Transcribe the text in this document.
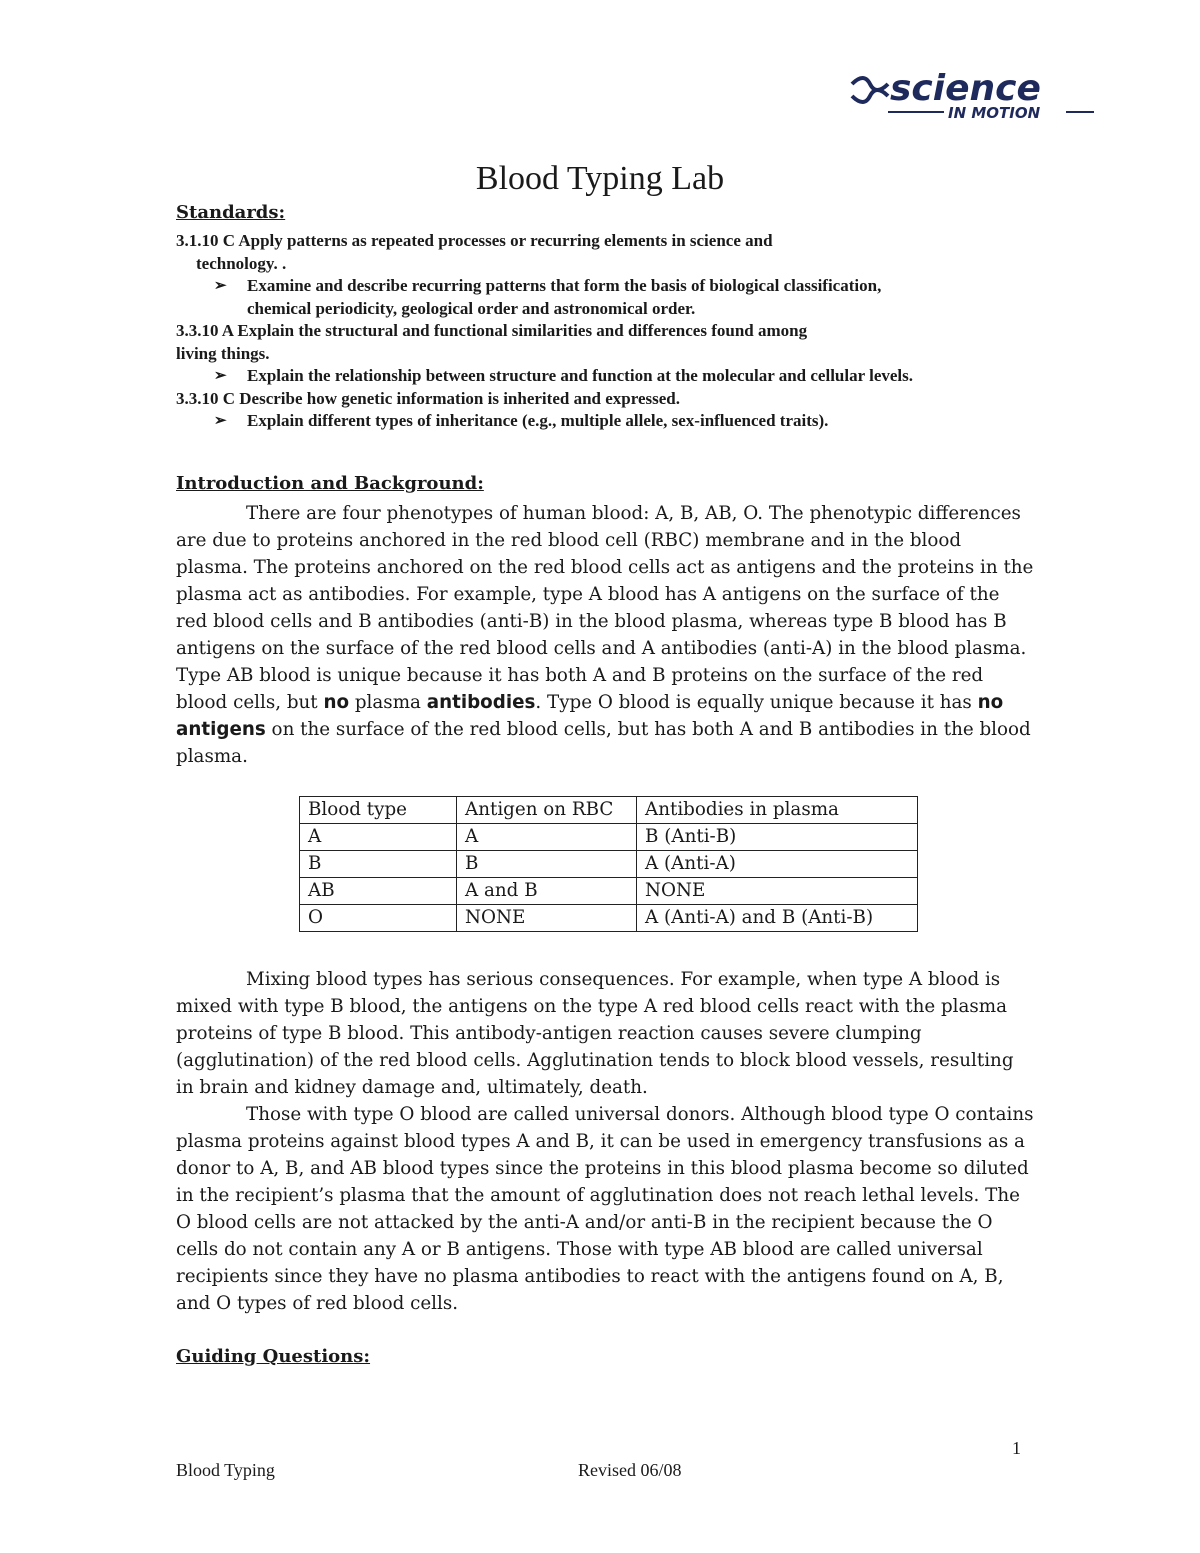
science
IN MOTION
Blood Typing Lab
Standards:
3.1.10 C Apply patterns as repeated processes or recurring elements in science and
technology. .
➢ Examine and describe recurring patterns that form the basis of biological classification,
chemical periodicity, geological order and astronomical order.
3.3.10 A Explain the structural and functional similarities and differences found among
living things.
➢ Explain the relationship between structure and function at the molecular and cellular levels.
3.3.10 C Describe how genetic information is inherited and expressed.
➢ Explain different types of inheritance (e.g., multiple allele, sex-influenced traits).
Introduction and Background:

There are four phenotypes of human blood: A, B, AB, O. The phenotypic differences are due to proteins anchored in the red blood cell (RBC) membrane and in the blood plasma. The proteins anchored on the red blood cells act as antigens and the proteins in the plasma act as antibodies. For example, type A blood has A antigens on the surface of the red blood cells and B antibodies (anti-B) in the blood plasma, whereas type B blood has B antigens on the surface of the red blood cells and A antibodies (anti-A) in the blood plasma. Type AB blood is unique because it has both A and B proteins on the surface of the red blood cells, but no plasma antibodies. Type O blood is equally unique because it has no antigens on the surface of the red blood cells, but has both A and B antibodies in the blood plasma.

Blood type	Antigen on RBC	Antibodies in plasma
A	A	B (Anti-B)
B	B	A (Anti-A)
AB	A and B	NONE
O	NONE	A (Anti-A) and B (Anti-B)

Mixing blood types has serious consequences. For example, when type A blood is mixed with type B blood, the antigens on the type A red blood cells react with the plasma proteins of type B blood. This antibody-antigen reaction causes severe clumping (agglutination) of the red blood cells. Agglutination tends to block blood vessels, resulting in brain and kidney damage and, ultimately, death.

Those with type O blood are called universal donors. Although blood type O contains plasma proteins against blood types A and B, it can be used in emergency transfusions as a donor to A, B, and AB blood types since the proteins in this blood plasma become so diluted in the recipient’s plasma that the amount of agglutination does not reach lethal levels. The O blood cells are not attacked by the anti-A and/or anti-B in the recipient because the O cells do not contain any A or B antigens. Those with type AB blood are called universal recipients since they have no plasma antibodies to react with the antigens found on A, B, and O types of red blood cells.

Guiding Questions:
1
Blood Typing	Revised 06/08
